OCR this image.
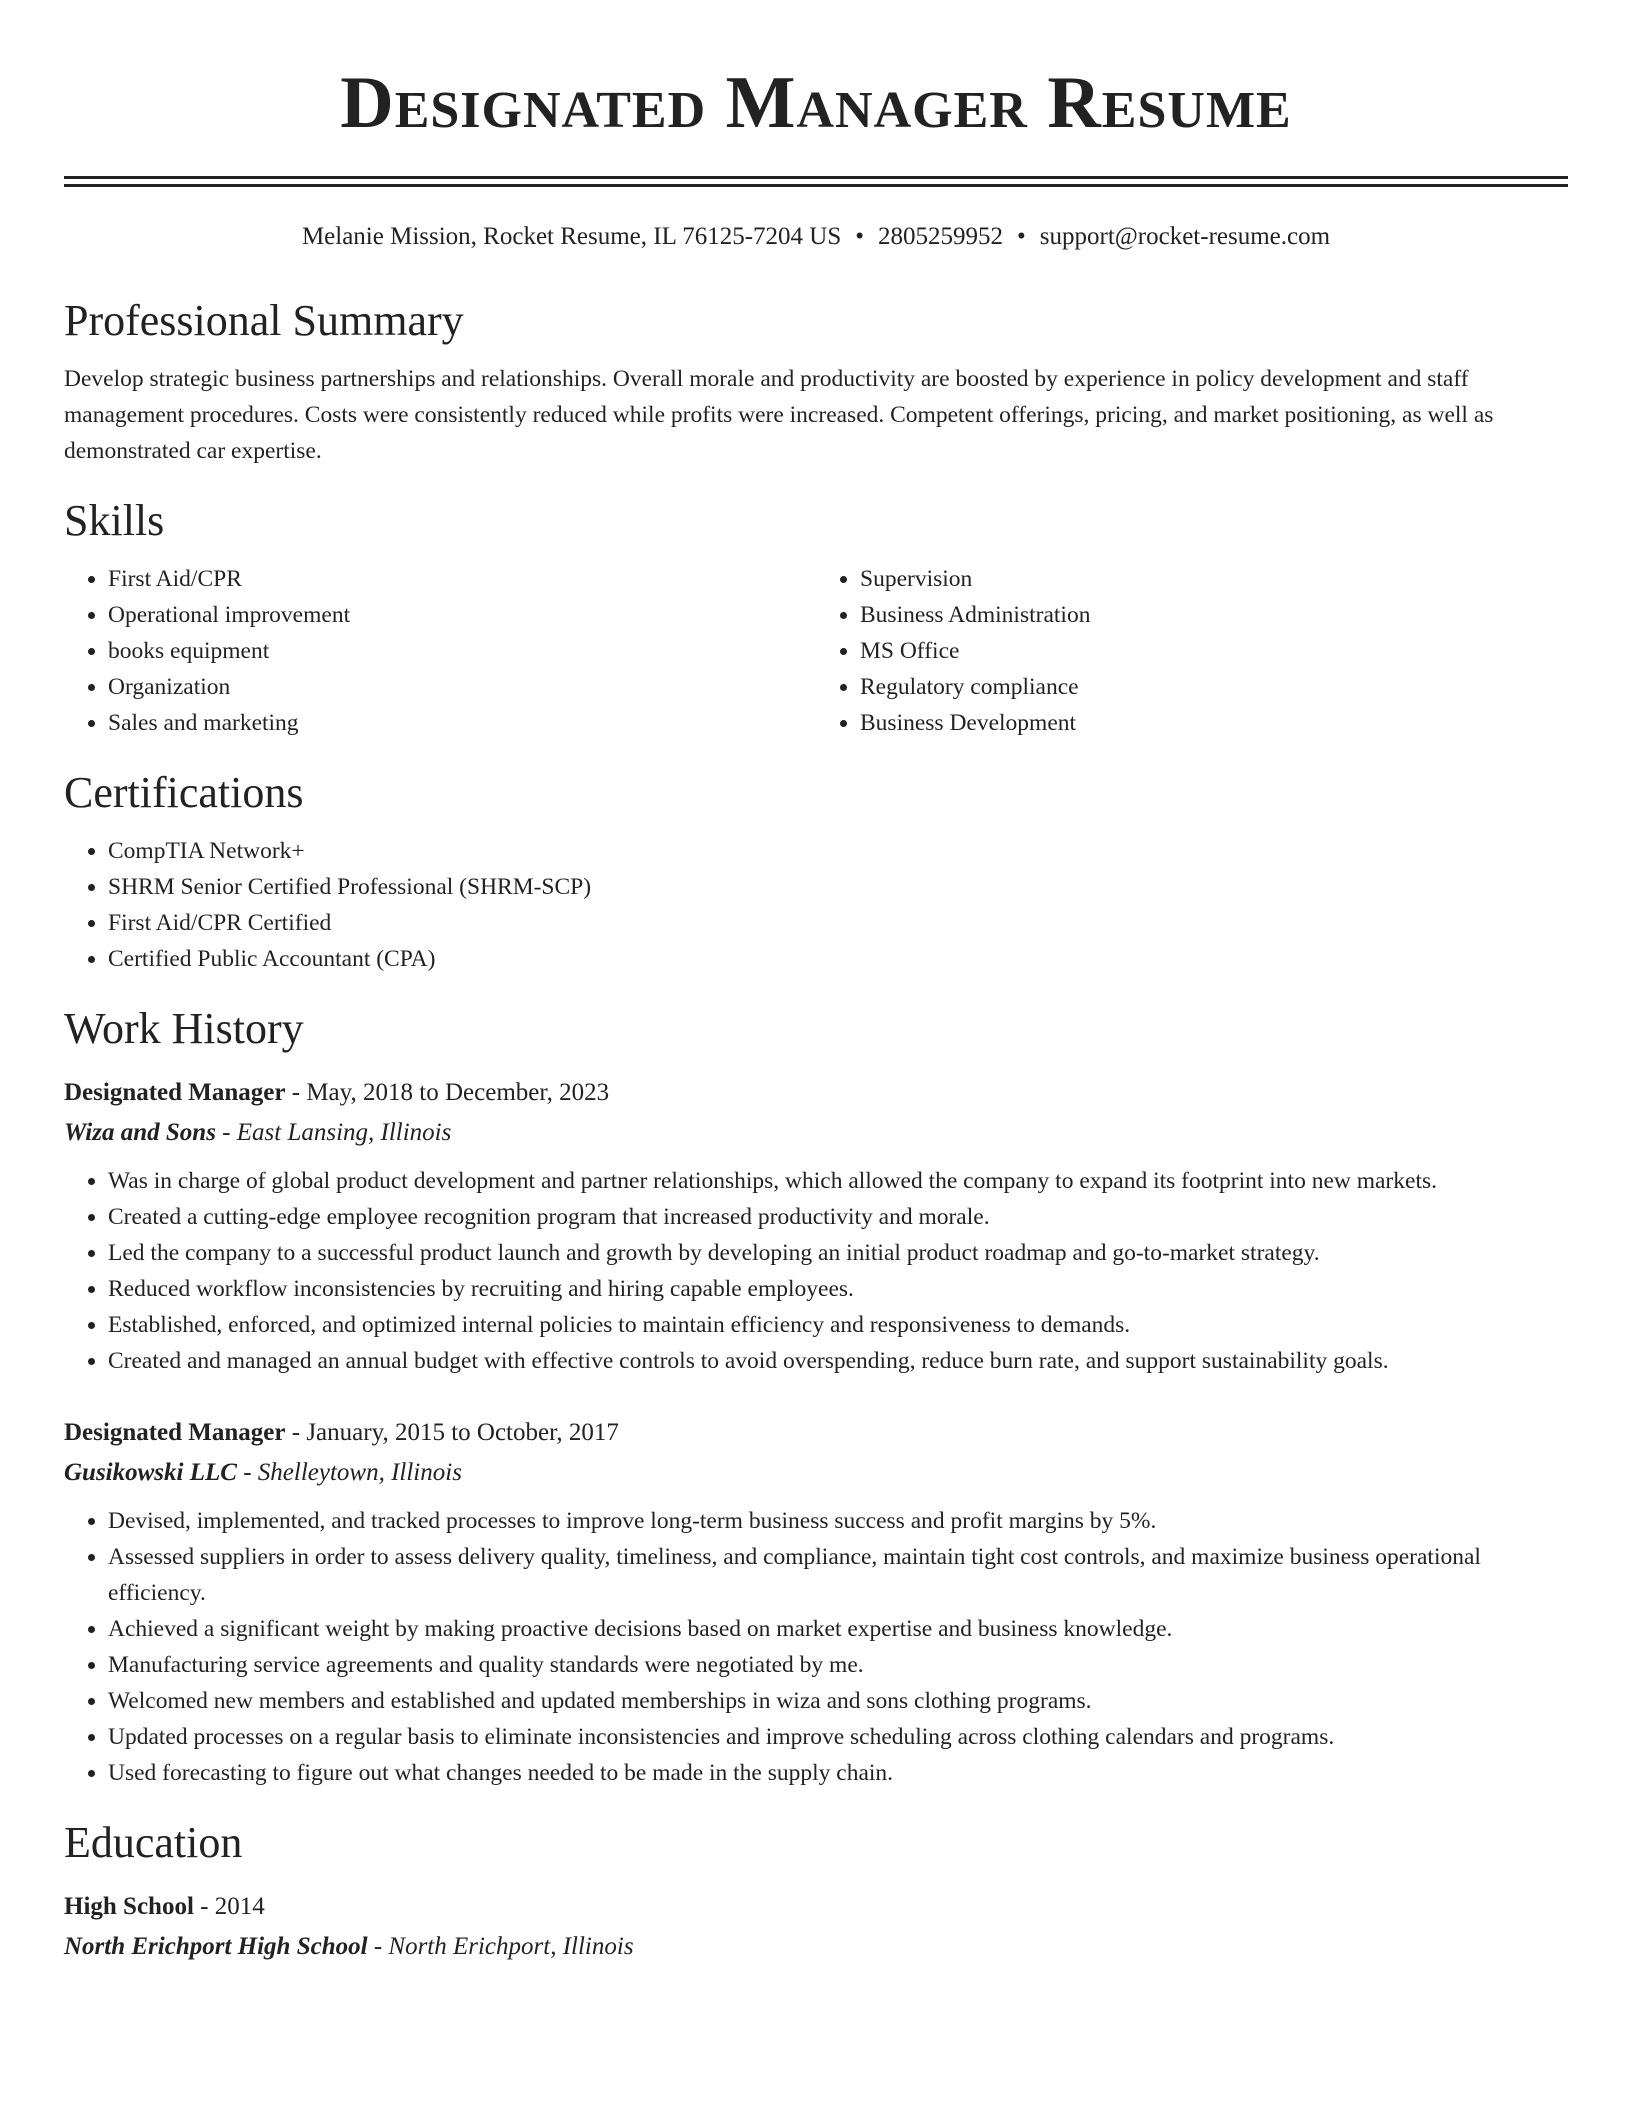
Designated Manager Resume
Melanie Mission, Rocket Resume, IL 76125-7204 US • 2805259952 • support@rocket-resume.com
Professional Summary

Develop strategic business partnerships and relationships. Overall morale and productivity are boosted by experience in policy development and staff management procedures. Costs were consistently reduced while profits were increased. Competent offerings, pricing, and market positioning, as well as demonstrated car expertise.

Skills
• First Aid/CPR
• Operational improvement
• books equipment
• Organization
• Sales and marketing
• Supervision
• Business Administration
• MS Office
• Regulatory compliance
• Business Development
Certifications
• CompTIA Network+
• SHRM Senior Certified Professional (SHRM-SCP)
• First Aid/CPR Certified
• Certified Public Accountant (CPA)
Work History
Designated Manager - May, 2018 to December, 2023
Wiza and Sons - East Lansing, Illinois
• Was in charge of global product development and partner relationships, which allowed the company to expand its footprint into new markets.
• Created a cutting-edge employee recognition program that increased productivity and morale.
• Led the company to a successful product launch and growth by developing an initial product roadmap and go-to-market strategy.
• Reduced workflow inconsistencies by recruiting and hiring capable employees.
• Established, enforced, and optimized internal policies to maintain efficiency and responsiveness to demands.
• Created and managed an annual budget with effective controls to avoid overspending, reduce burn rate, and support sustainability goals.
Designated Manager - January, 2015 to October, 2017
Gusikowski LLC - Shelleytown, Illinois
• Devised, implemented, and tracked processes to improve long-term business success and profit margins by 5%.
• Assessed suppliers in order to assess delivery quality, timeliness, and compliance, maintain tight cost controls, and maximize business operational efficiency.
• Achieved a significant weight by making proactive decisions based on market expertise and business knowledge.
• Manufacturing service agreements and quality standards were negotiated by me.
• Welcomed new members and established and updated memberships in wiza and sons clothing programs.
• Updated processes on a regular basis to eliminate inconsistencies and improve scheduling across clothing calendars and programs.
• Used forecasting to figure out what changes needed to be made in the supply chain.
Education
High School - 2014
North Erichport High School - North Erichport, Illinois
